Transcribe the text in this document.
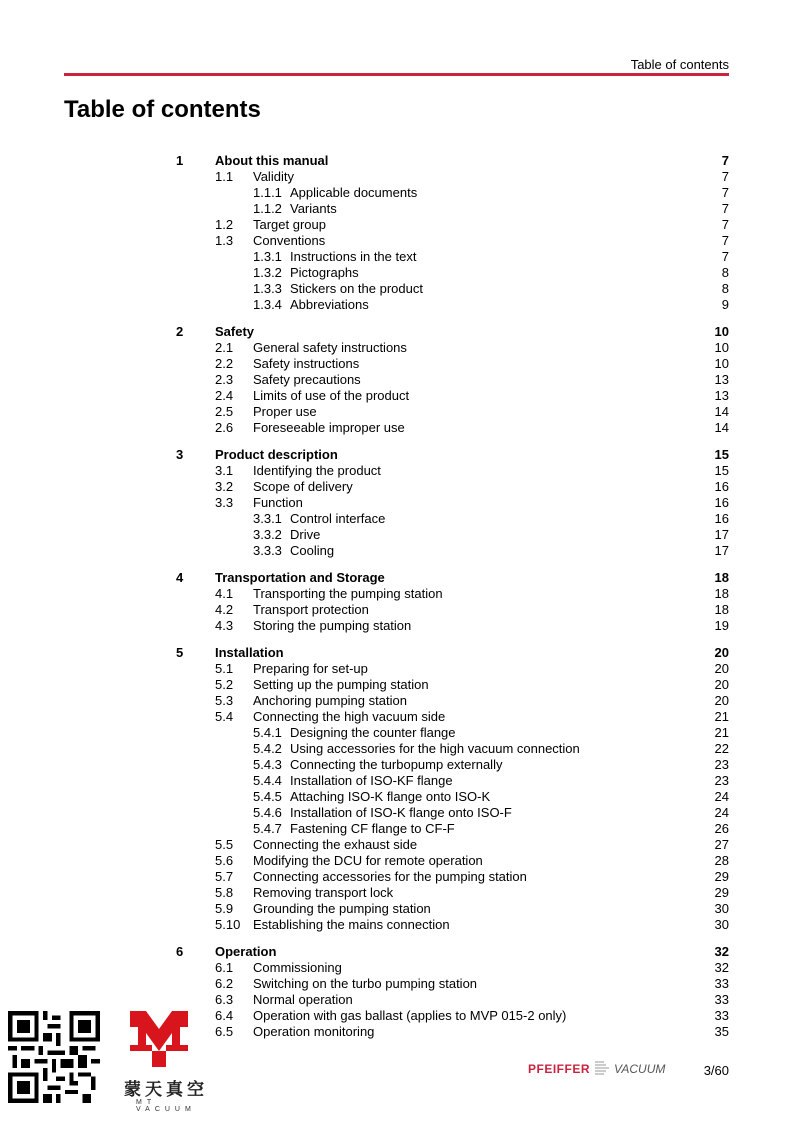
Table of contents
Table of contents
1 About this manual	7
1.1 Validity	7
1.1.1 Applicable documents	7
1.1.2 Variants	7
1.2 Target group	7
1.3 Conventions	7
1.3.1 Instructions in the text	7
1.3.2 Pictographs	8
1.3.3 Stickers on the product	8
1.3.4 Abbreviations	9
2 Safety	10
2.1 General safety instructions	10
2.2 Safety instructions	10
2.3 Safety precautions	13
2.4 Limits of use of the product	13
2.5 Proper use	14
2.6 Foreseeable improper use	14
3 Product description	15
3.1 Identifying the product	15
3.2 Scope of delivery	16
3.3 Function	16
3.3.1 Control interface	16
3.3.2 Drive	17
3.3.3 Cooling	17
4 Transportation and Storage	18
4.1 Transporting the pumping station	18
4.2 Transport protection	18
4.3 Storing the pumping station	19
5 Installation	20
5.1 Preparing for set-up	20
5.2 Setting up the pumping station	20
5.3 Anchoring pumping station	20
5.4 Connecting the high vacuum side	21
5.4.1 Designing the counter flange	21
5.4.2 Using accessories for the high vacuum connection	22
5.4.3 Connecting the turbopump externally	23
5.4.4 Installation of ISO-KF flange	23
5.4.5 Attaching ISO-K flange onto ISO-K	24
5.4.6 Installation of ISO-K flange onto ISO-F	24
5.4.7 Fastening CF flange to CF-F	26
5.5 Connecting the exhaust side	27
5.6 Modifying the DCU for remote operation	28
5.7 Connecting accessories for the pumping station	29
5.8 Removing transport lock	29
5.9 Grounding the pumping station	30
5.10 Establishing the mains connection	30
6 Operation	32
6.1 Commissioning	32
6.2 Switching on the turbo pumping station	33
6.3 Normal operation	33
6.4 Operation with gas ballast (applies to MVP 015-2 only)	33
6.5 Operation monitoring	35
蒙天真空
MT VACUUM
PFEIFFER VACUUM	3/60
